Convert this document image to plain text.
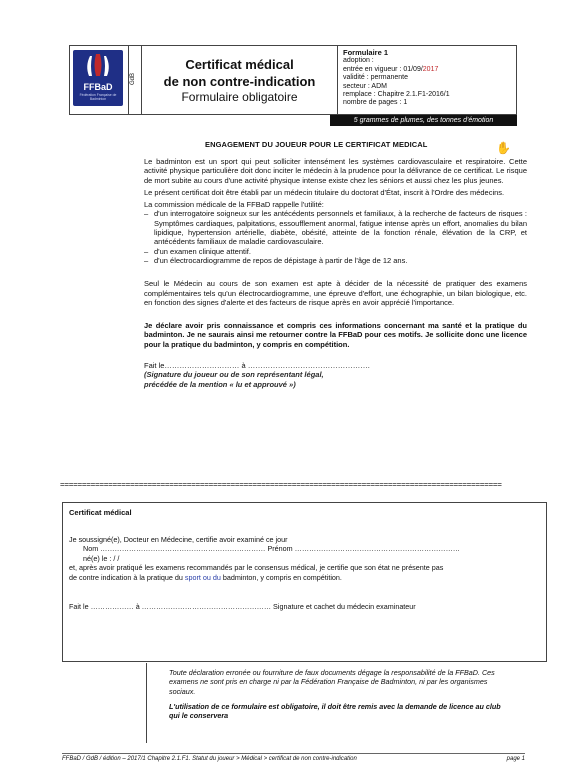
FFBaD
Fédération Française de Badminton
GdB
Certificat médical
de non contre-indication
Formulaire obligatoire
Formulaire 1
adoption :
entrée en vigueur : 01/09/2017
validité : permanente
secteur : ADM
remplace : Chapitre 2.1.F1-2016/1
nombre de pages : 1
5 grammes de plumes, des tonnes d'émotion
ENGAGEMENT DU JOUEUR POUR LE CERTIFICAT MEDICAL	✋

Le badminton est un sport qui peut solliciter intensément les systèmes cardiovasculaire et respiratoire. Cette activité physique particulière doit donc inciter le médecin à la prudence pour la délivrance de ce certificat. Le risque de mort subite au cours d'une activité physique intense existe chez les séniors et aussi chez les plus jeunes.

Le présent certificat doit être établi par un médecin titulaire du doctorat d'État, inscrit à l'Ordre des médecins.

La commission médicale de la FFBaD rappelle l'utilité:

– d'un interrogatoire soigneux sur les antécédents personnels et familiaux, à la recherche de facteurs de risques : Symptômes cardiaques, palpitations, essoufflement anormal, fatigue intense après un effort, anomalies du bilan lipidique, hypertension artérielle, diabète, obésité, atteinte de la fonction rénale, élévation de la CRP, et antécédents familiaux de maladie cardiovasculaire.
– d'un examen clinique attentif.
– d'un électrocardiogramme de repos de dépistage à partir de l'âge de 12 ans.

Seul le Médecin au cours de son examen est apte à décider de la nécessité de pratiquer des examens complémentaires tels qu'un électrocardiogramme, une épreuve d'effort, une échographie, un bilan biologique, etc. en fonction des signes d'alerte et des facteurs de risque après en avoir apprécié l'importance.

Je déclare avoir pris connaissance et compris ces informations concernant ma santé et la pratique du badminton. Je ne saurais ainsi me retourner contre la FFBaD pour ces motifs. Je sollicite donc une licence pour la pratique du badminton, y compris en compétition.

Fait le………………………… à ………………………………………….
(Signature du joueur ou de son représentant légal,
précédée de la mention « lu et approuvé »)
=====================================================================================================
Certificat médical
Je soussigné(e), Docteur en Médecine, certifie avoir examiné ce jour
Nom …………………………………………………………… Prénom ……………………………………………………………
né(e) le : / /
et, après avoir pratiqué les examens recommandés par le consensus médical, je certifie que son état ne présente pas
de contre indication à la pratique du sport ou du badminton, y compris en compétition.
Fait le ……………… à ……………………………………………… Signature et cachet du médecin examinateur
Toute déclaration erronée ou fourniture de faux documents dégage la responsabilité de la FFBaD. Ces examens ne sont pris en charge ni par la Fédération Française de Badminton, ni par les organismes sociaux.
L'utilisation de ce formulaire est obligatoire, il doit être remis avec la demande de licence au club qui le conservera
FFBaD / GdB / édition – 2017/1 Chapitre 2.1.F1. Statut du joueur > Médical > certificat de non contre-indication	page 1
